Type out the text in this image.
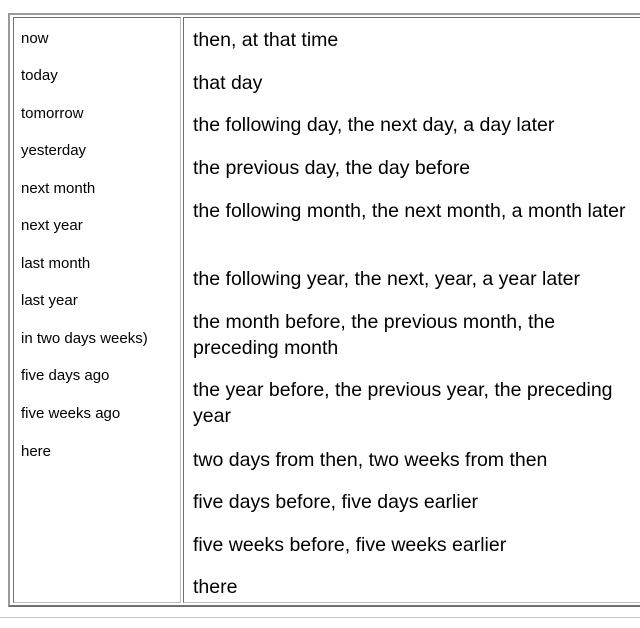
now
today
tomorrow
yesterday
next month
next year
last month
last year
in two days weeks)
five days ago
five weeks ago
here
then, at that time
that day
the following day, the next day, a day later
the previous day, the day before
the following month, the next month, a month later
the following year, the next, year, a year later
the month before, the previous month, the preceding month
the year before, the previous year, the preceding year
two days from then, two weeks from then
five days before, five days earlier
five weeks before, five weeks earlier
there
